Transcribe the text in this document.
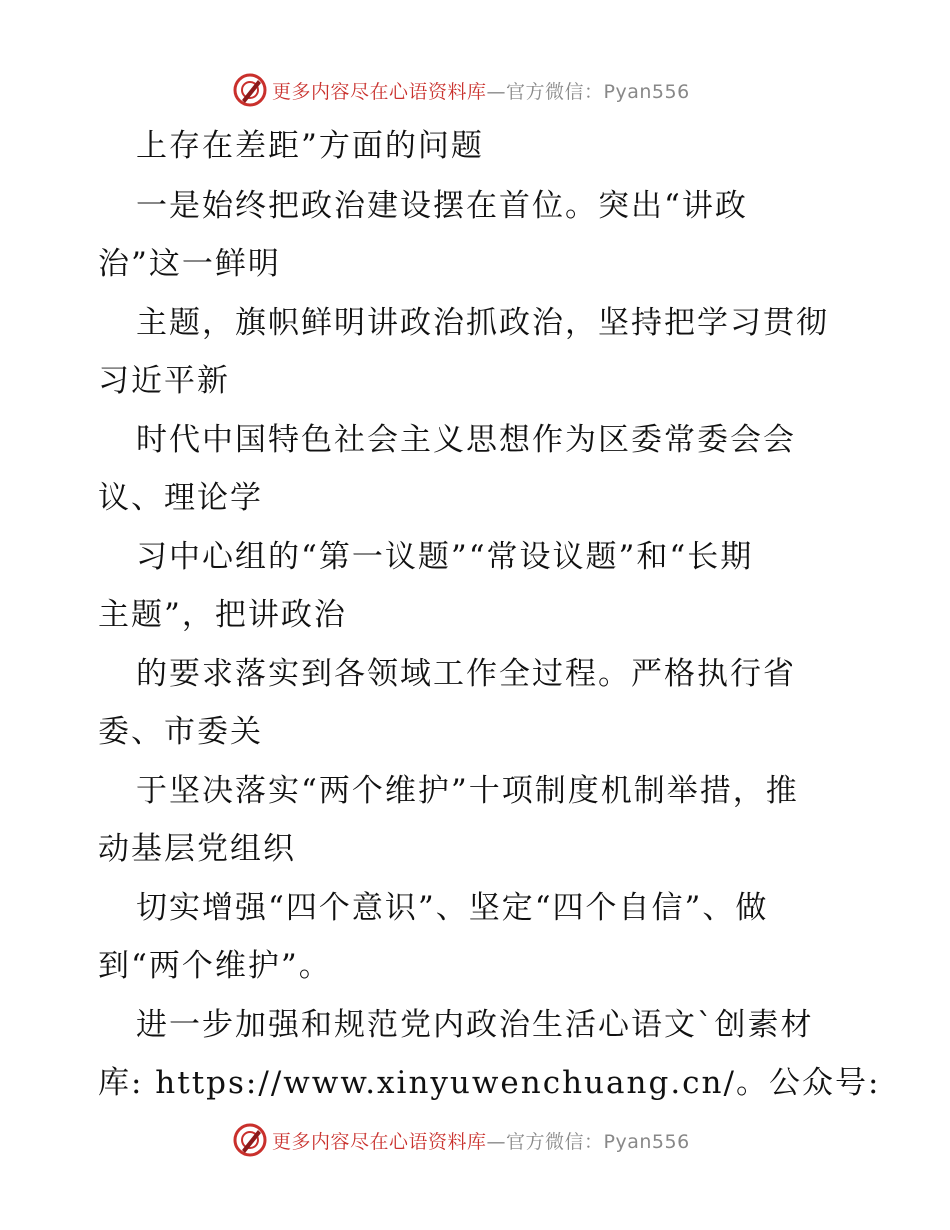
更多内容尽在心语资料库—官方微信：Pyan556
上存在差距”方面的问题
一是始终把政治建设摆在首位。突出“讲政
治”这一鲜明
主题，旗帜鲜明讲政治抓政治，坚持把学习贯彻
习近平新
时代中国特色社会主义思想作为区委常委会会
议、理论学
习中心组的“第一议题”“常设议题”和“长期
主题”，把讲政治
的要求落实到各领域工作全过程。严格执行省
委、市委关
于坚决落实“两个维护”十项制度机制举措，推
动基层党组织
切实增强“四个意识”、坚定“四个自信”、做
到“两个维护”。
进一步加强和规范党内政治生活心语文`创素材
库: https://www.xinyuwenchuang.cn/。公众号:
更多内容尽在心语资料库—官方微信：Pyan556
